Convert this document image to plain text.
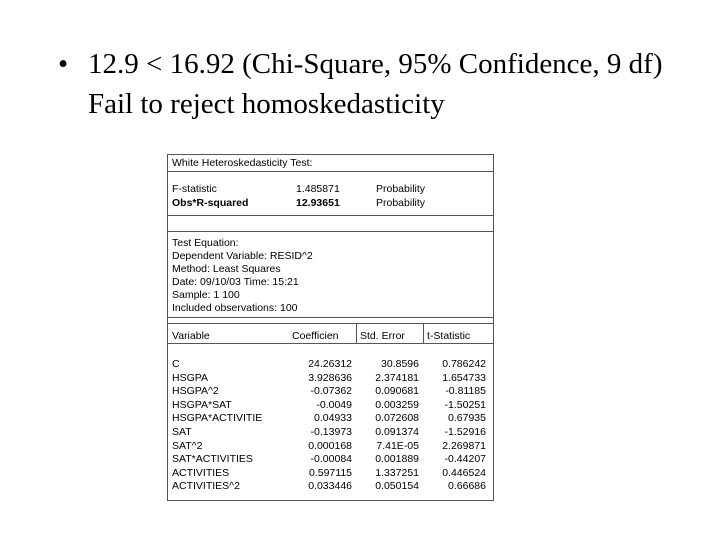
• 12.9 < 16.92 (Chi-Square, 95% Confidence, 9 df) Fail to reject homoskedasticity
White Heteroskedasticity Test:
F-statistic	1.485871	Probability
Obs*R-squared	12.93651	Probability
Test Equation:
Dependent Variable: RESID^2
Method: Least Squares
Date: 09/10/03 Time: 15:21
Sample: 1 100
Included observations: 100
Variable	Coefficien Std. Error t-Statistic
C	24.26312	30.8596 0.786242
HSGPA	3.928636 2.374181 1.654733
HSGPA^2	-0.07362 0.090681	-0.81185
HSGPA*SAT	-0.0049 0.003259 -1.50251
HSGPA*ACTIVITIE	0.04933 0.072608	0.67935
SAT	-0.13973 0.091374 -1.52916
SAT^2	0.000168 7.41E-05 2.269871
SAT*ACTIVITIES	-0.00084 0.001889 -0.44207
ACTIVITIES	0.597115 1.337251 0.446524
ACTIVITIES^2	0.033446 0.050154	0.66686
